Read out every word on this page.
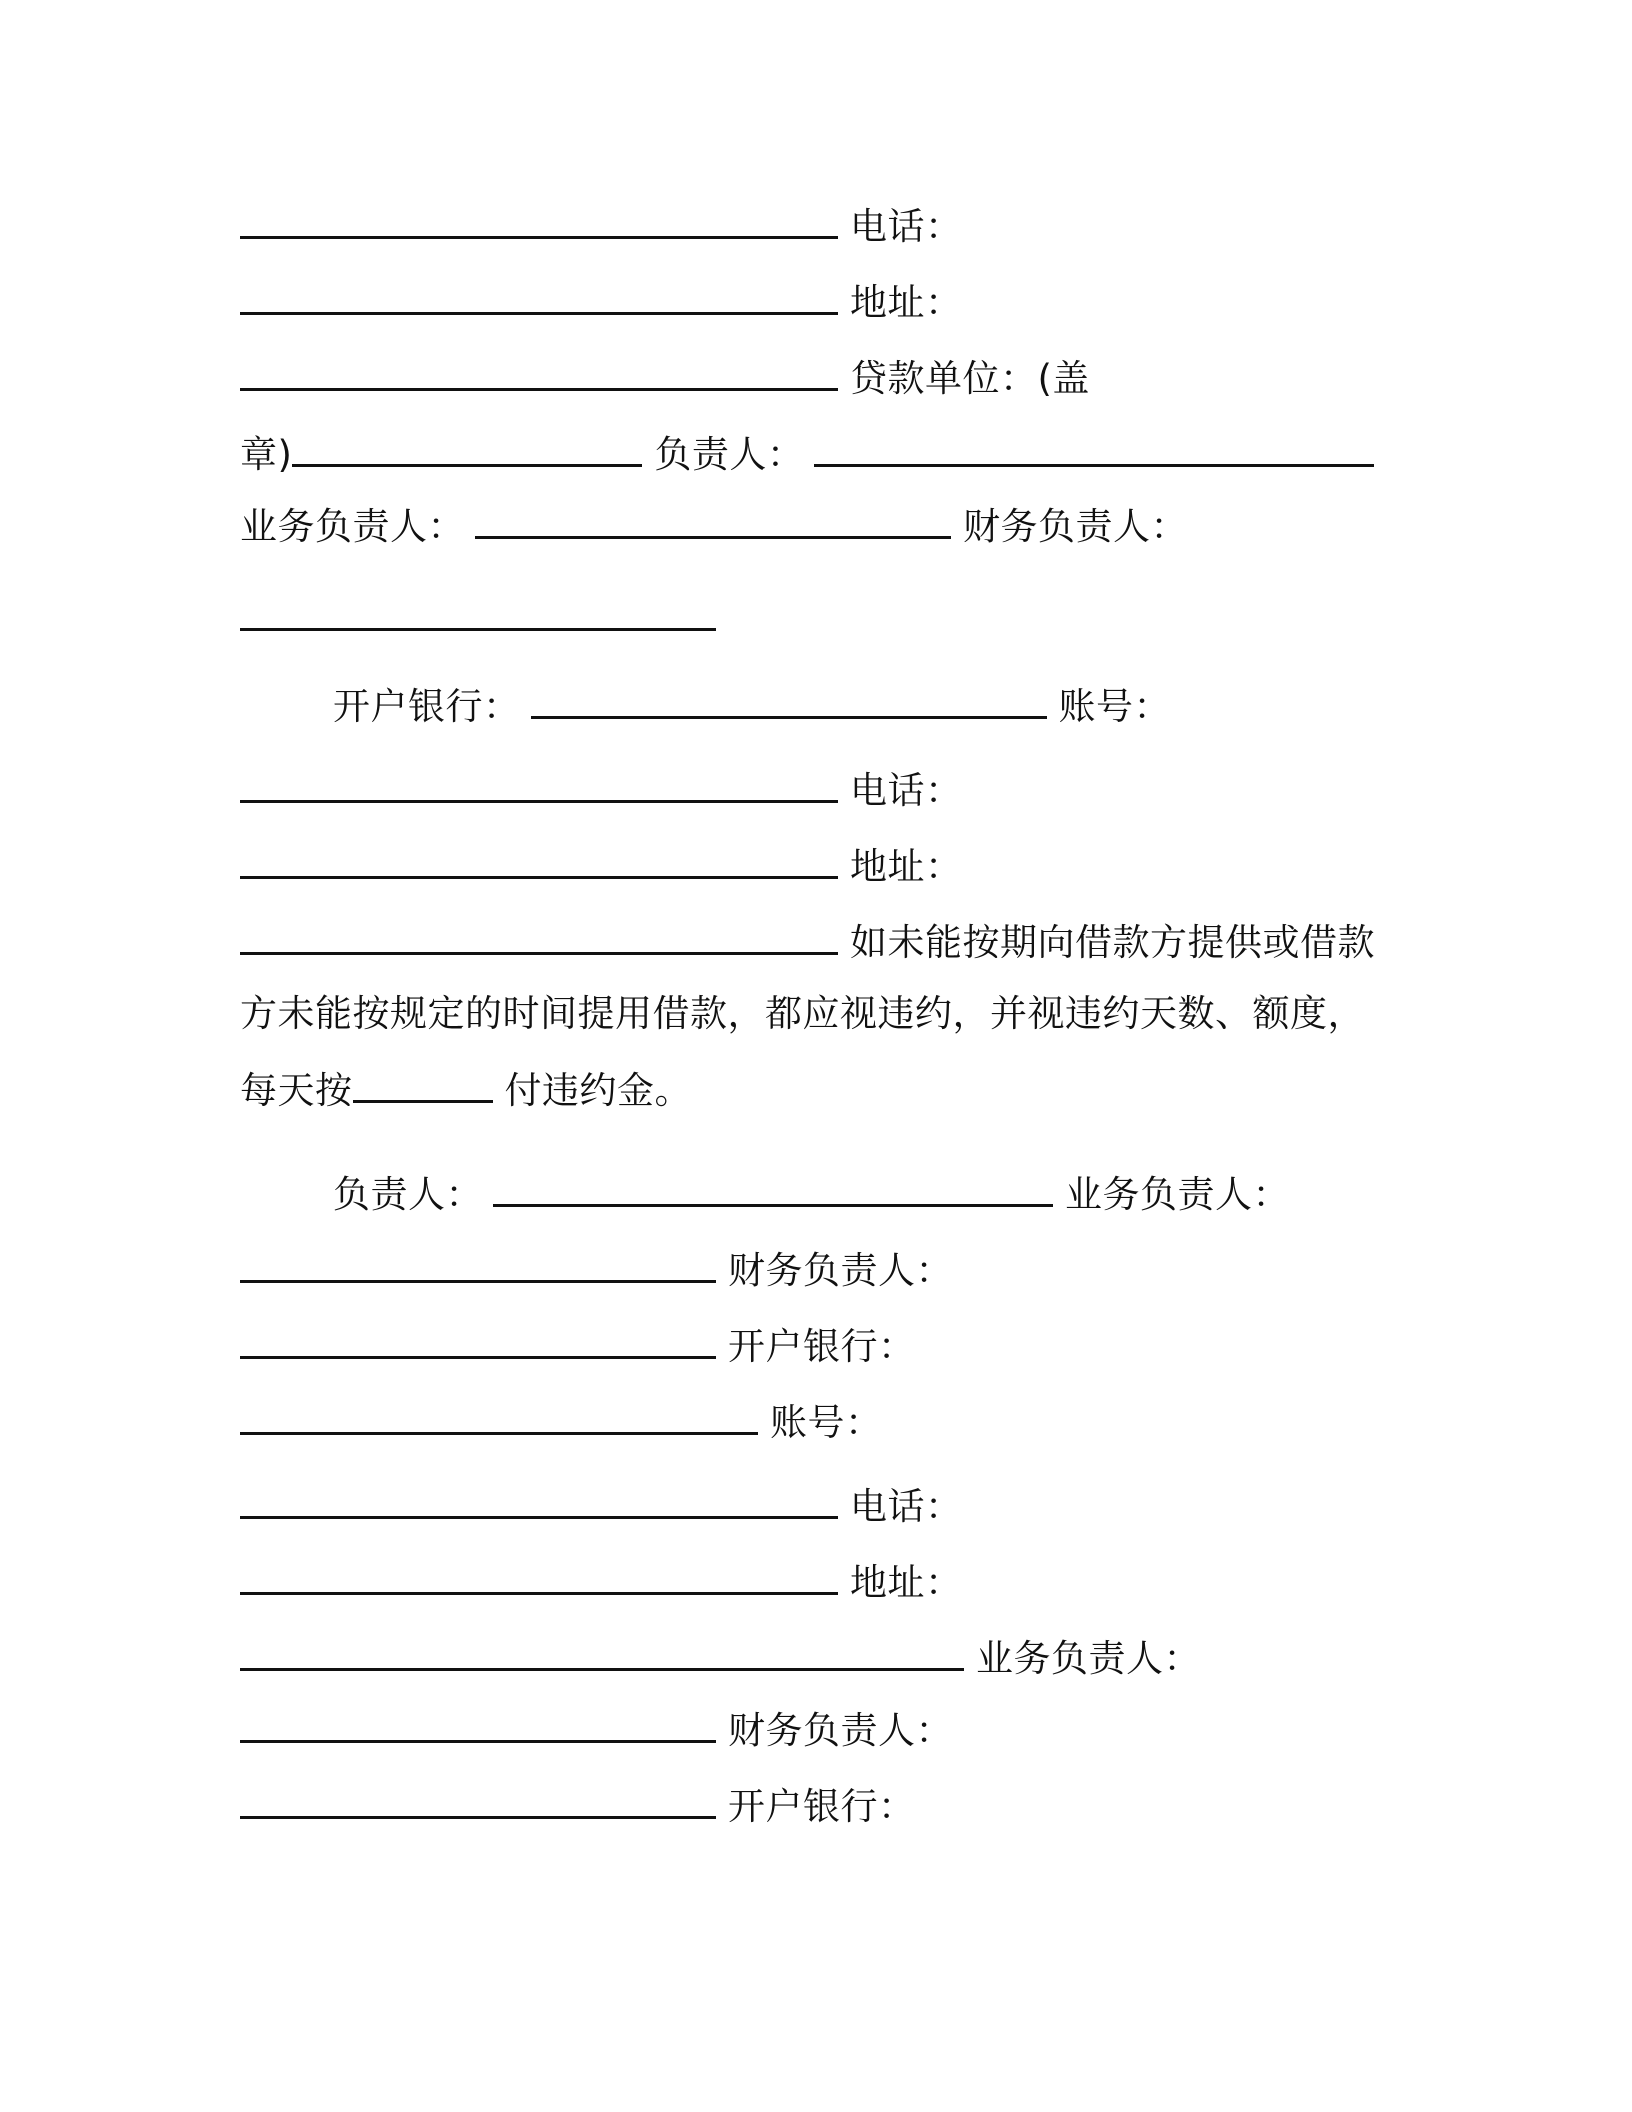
电话：
地址：
贷款单位：(盖
章)	负责人：
业务负责人：	财务负责人：
开户银行：	账号：
电话：
地址：
如未能按期向借款方提供或借款
方未能按规定的时间提用借款，都应视违约，并视违约天数、额度，
每天按	付违约金。
负责人：	业务负责人：
财务负责人：
开户银行：
账号：
电话：
地址：
业务负责人：
财务负责人：
开户银行：
